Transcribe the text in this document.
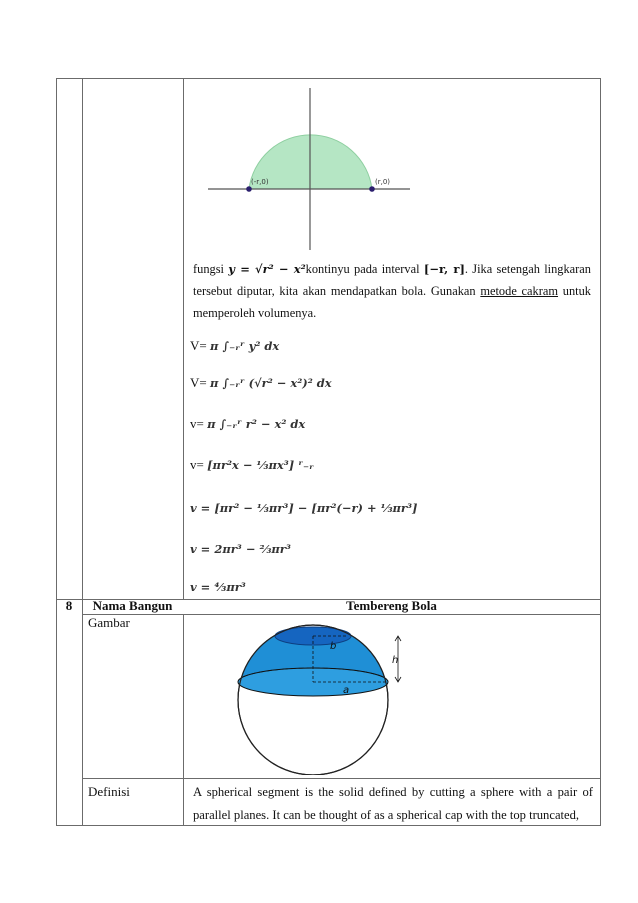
(-r,0)	(r,0)
fungsi y = √r² − x²kontinyu pada interval [−r, r]. Jika setengah lingkaran tersebut diputar, kita akan mendapatkan bola. Gunakan metode cakram untuk memperoleh volumenya.
V= π ∫₋ᵣʳ y² dx
V= π ∫₋ᵣʳ (√r² − x²)² dx
v= π ∫₋ᵣʳ r² − x² dx
v= [πr²x − ⅓πx³] ʳ₋ᵣ
v = [πr² − ⅓πr³] − [πr²(−r) + ⅓πr³]
v = 2πr³ − ⅔πr³
v = ⁴⁄₃πr³
8	Nama Bangun	Tembereng Bola
Gambar
b
h
a
Definisi	A spherical segment is the solid defined by cutting a sphere with a pair of parallel planes. It can be thought of as a spherical cap with the top truncated,
